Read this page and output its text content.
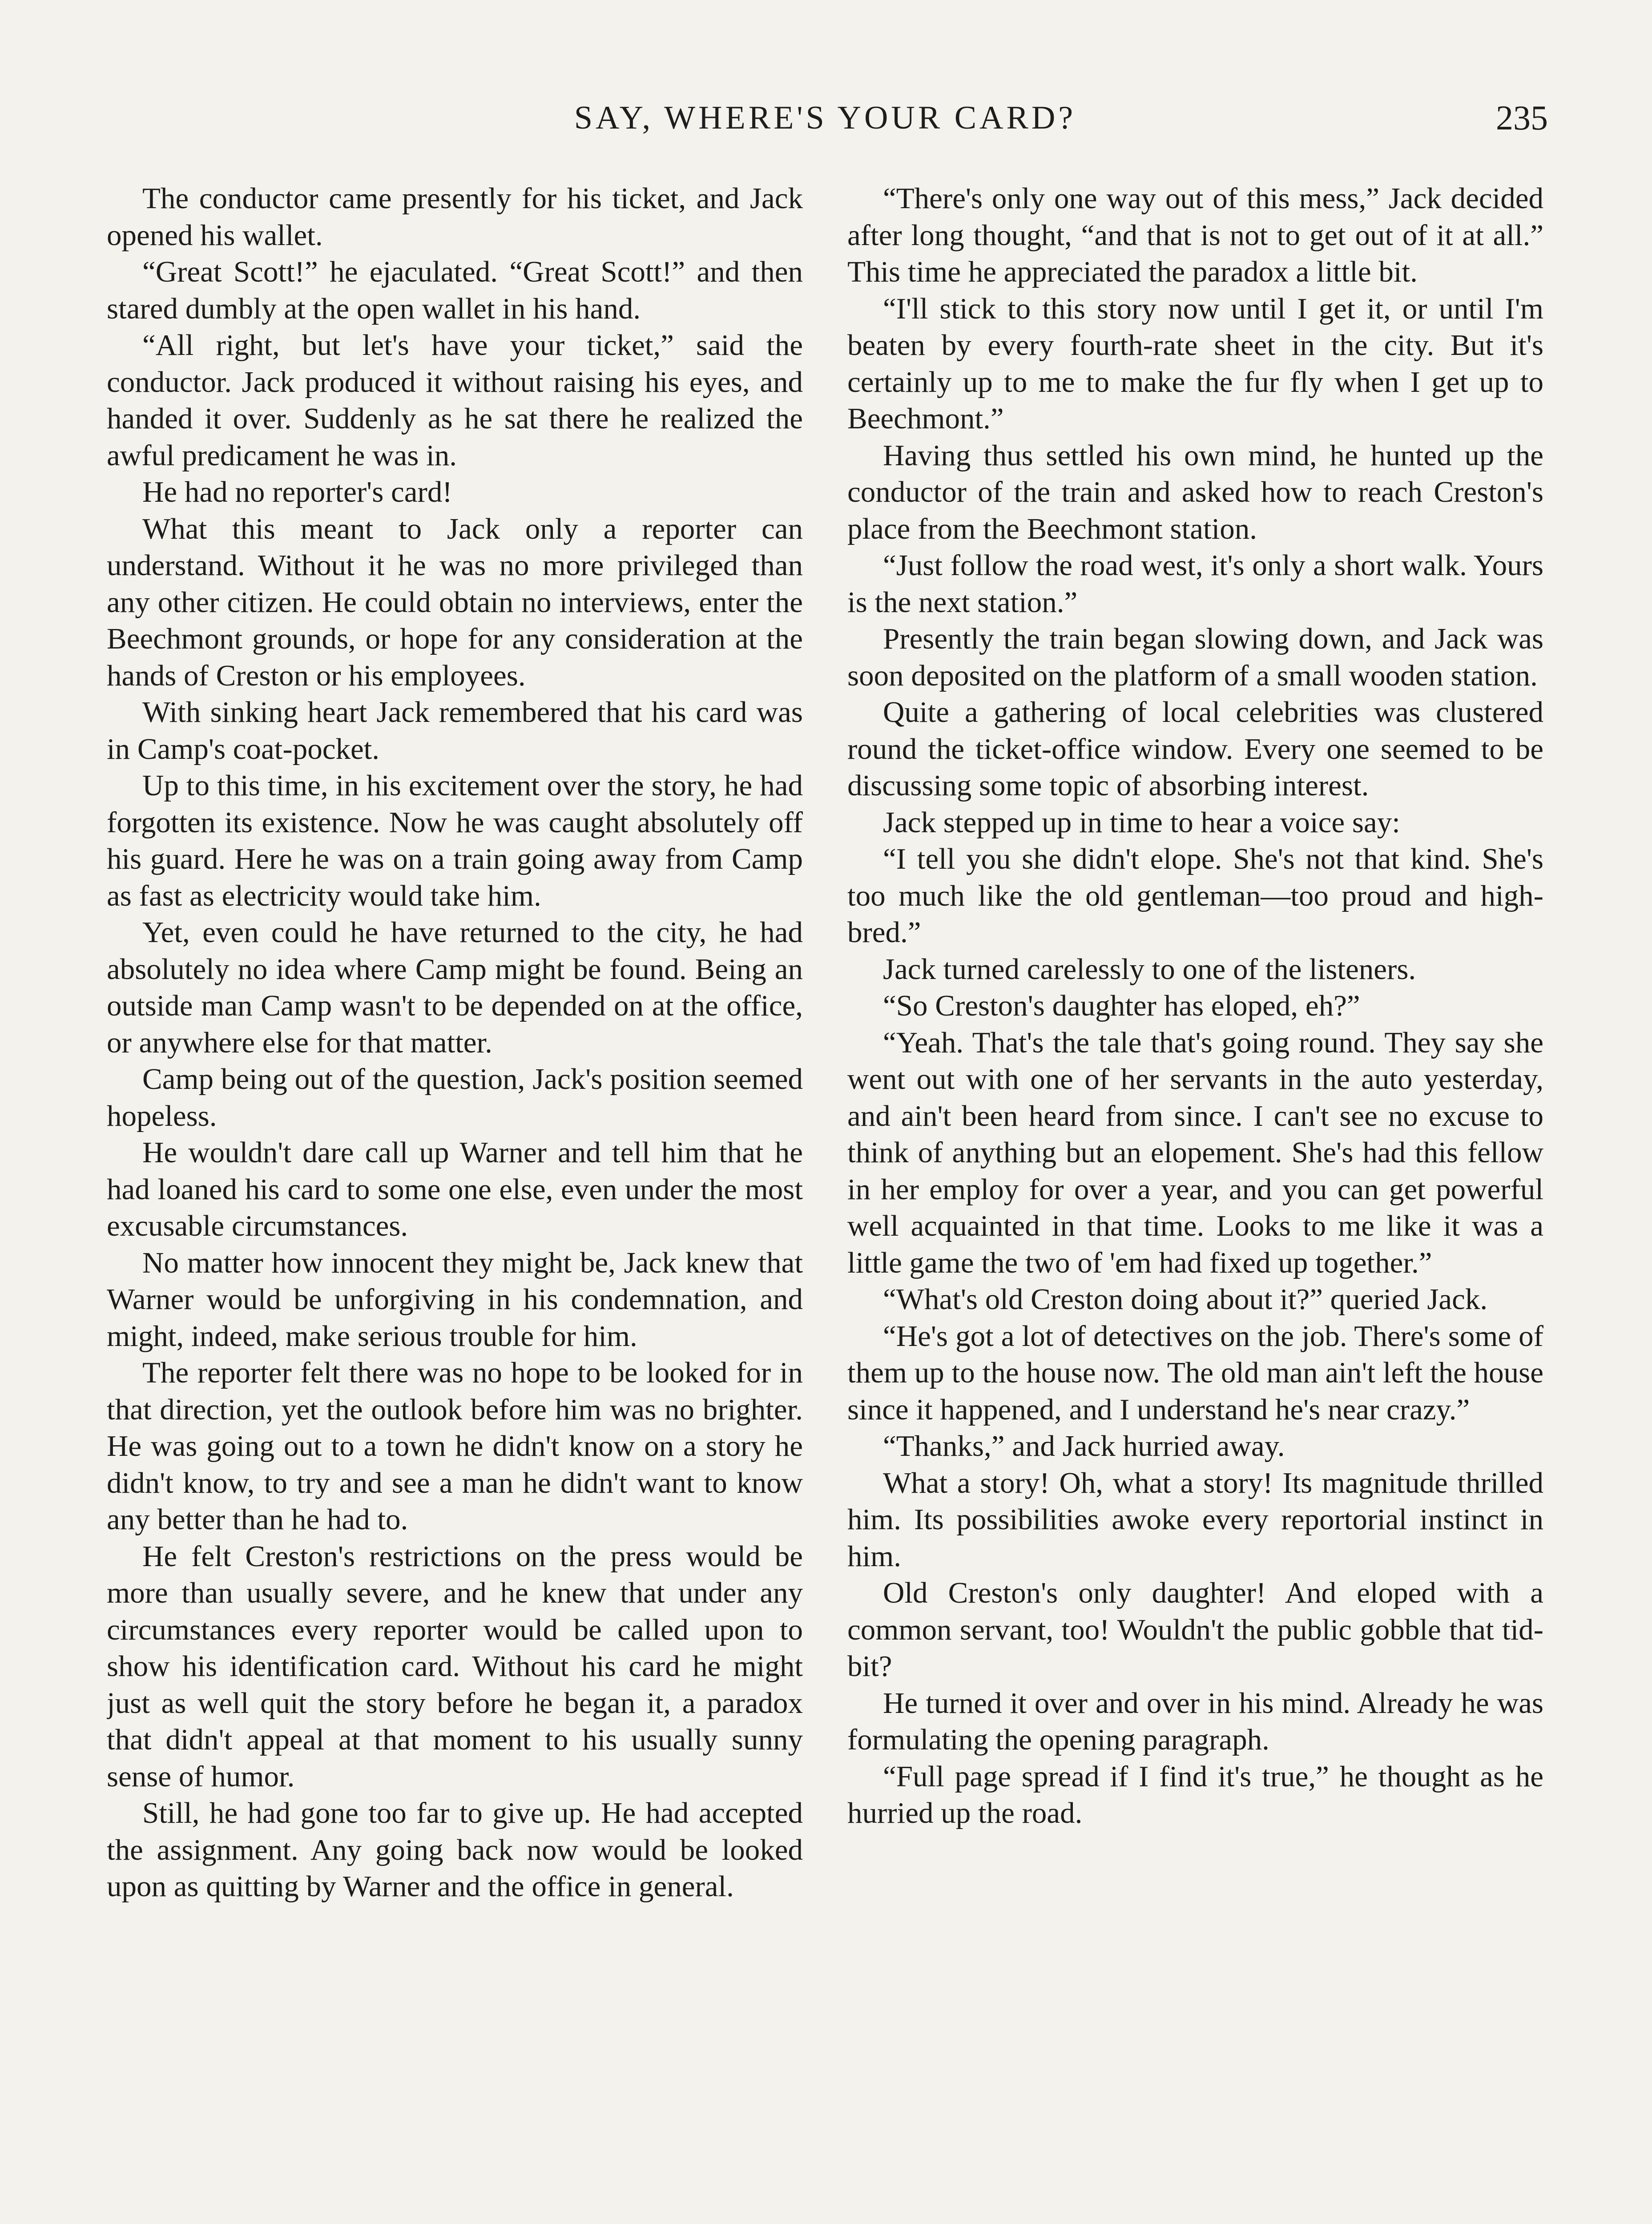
SAY, WHERE'S YOUR CARD?	235

The conductor came presently for his ticket, and Jack opened his wallet.

“Great Scott!” he ejaculated. “Great Scott!” and then stared dumbly at the open wallet in his hand.

“All right, but let's have your ticket,” said the conductor. Jack produced it without raising his eyes, and handed it over. Suddenly as he sat there he realized the awful predicament he was in.

He had no reporter's card!

What this meant to Jack only a reporter can understand. Without it he was no more privileged than any other citizen. He could obtain no interviews, enter the Beechmont grounds, or hope for any consideration at the hands of Creston or his employees.

With sinking heart Jack remembered that his card was in Camp's coat-pocket.

Up to this time, in his excitement over the story, he had forgotten its existence. Now he was caught absolutely off his guard. Here he was on a train going away from Camp as fast as electricity would take him.

Yet, even could he have returned to the city, he had absolutely no idea where Camp might be found. Being an outside man Camp wasn't to be depended on at the office, or anywhere else for that matter.

Camp being out of the question, Jack's position seemed hopeless.

He wouldn't dare call up Warner and tell him that he had loaned his card to some one else, even under the most excusable circumstances.

No matter how innocent they might be, Jack knew that Warner would be unforgiving in his condemnation, and might, indeed, make serious trouble for him.

The reporter felt there was no hope to be looked for in that direction, yet the outlook before him was no brighter. He was going out to a town he didn't know on a story he didn't know, to try and see a man he didn't want to know any better than he had to.

He felt Creston's restrictions on the press would be more than usually severe, and he knew that under any circumstances every reporter would be called upon to show his identification card. Without his card he might just as well quit the story before he began it, a paradox that didn't appeal at that moment to his usually sunny sense of humor.

Still, he had gone too far to give up. He had accepted the assignment. Any going back now would be looked upon as quitting by Warner and the office in general.

“There's only one way out of this mess,” Jack decided after long thought, “and that is not to get out of it at all.” This time he appreciated the paradox a little bit.

“I'll stick to this story now until I get it, or until I'm beaten by every fourth-rate sheet in the city. But it's certainly up to me to make the fur fly when I get up to Beechmont.”

Having thus settled his own mind, he hunted up the conductor of the train and asked how to reach Creston's place from the Beechmont station.

“Just follow the road west, it's only a short walk. Yours is the next station.”

Presently the train began slowing down, and Jack was soon deposited on the platform of a small wooden station.

Quite a gathering of local celebrities was clustered round the ticket-office window. Every one seemed to be discussing some topic of absorbing interest.

Jack stepped up in time to hear a voice say:

“I tell you she didn't elope. She's not that kind. She's too much like the old gentleman—too proud and high-bred.”

Jack turned carelessly to one of the listeners.

“So Creston's daughter has eloped, eh?”

“Yeah. That's the tale that's going round. They say she went out with one of her servants in the auto yesterday, and ain't been heard from since. I can't see no excuse to think of anything but an elopement. She's had this fellow in her employ for over a year, and you can get powerful well acquainted in that time. Looks to me like it was a little game the two of 'em had fixed up together.”

“What's old Creston doing about it?” queried Jack.

“He's got a lot of detectives on the job. There's some of them up to the house now. The old man ain't left the house since it happened, and I understand he's near crazy.”

“Thanks,” and Jack hurried away.

What a story! Oh, what a story! Its magnitude thrilled him. Its possibilities awoke every reportorial instinct in him.

Old Creston's only daughter! And eloped with a common servant, too! Wouldn't the public gobble that tid-bit?

He turned it over and over in his mind. Already he was formulating the opening paragraph.

“Full page spread if I find it's true,” he thought as he hurried up the road.
